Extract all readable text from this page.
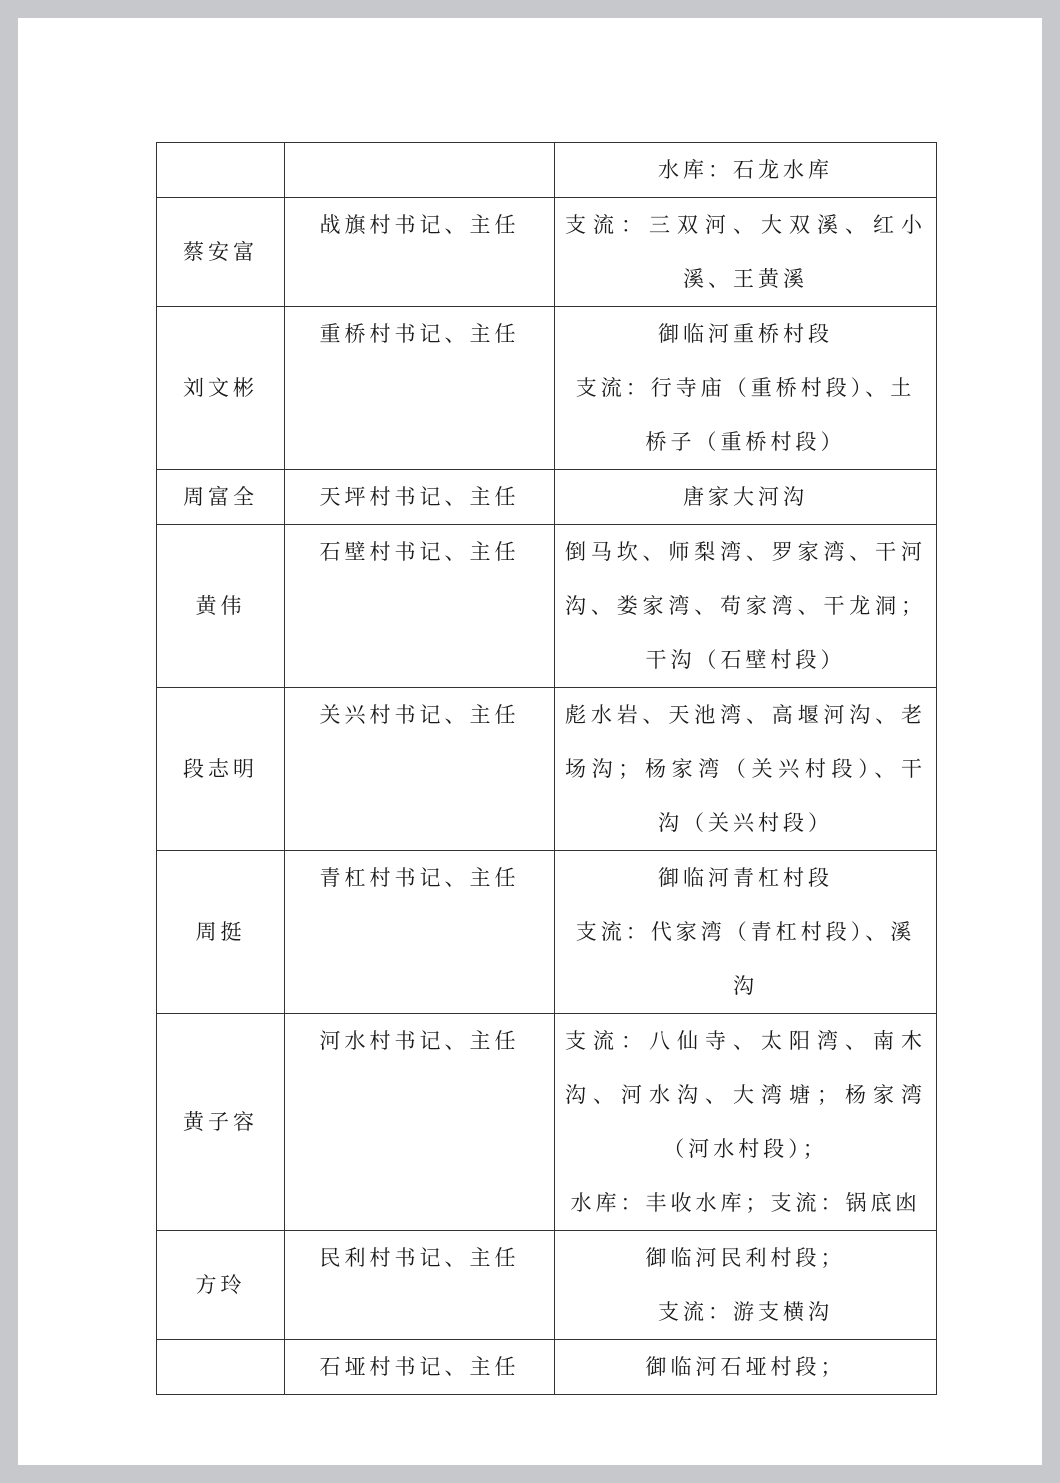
		水库：石龙水库

蔡安富	战旗村书记、主任	支流：三双河、大双溪、红小溪、王黄溪

刘文彬	重桥村书记、主任	御临河重桥村段
支流：行寺庙（重桥村段）、土桥子（重桥村段）

周富全	天坪村书记、主任	唐家大河沟

黄伟	石壁村书记、主任	倒马坎、师梨湾、罗家湾、干河沟、娄家湾、苟家湾、干龙洞；干沟（石壁村段）

段志明	关兴村书记、主任	彪水岩、天池湾、高堰河沟、老场沟；杨家湾（关兴村段）、干沟（关兴村段）

周挺	青杠村书记、主任	御临河青杠村段
支流：代家湾（青杠村段）、溪沟

黄子容	河水村书记、主任	支流：八仙寺、太阳湾、南木沟、河水沟、大湾塘；杨家湾（河水村段）；
水库：丰收水库；支流：锅底凼

方玲	民利村书记、主任	御临河民利村段；
支流：游支横沟

	石垭村书记、主任	御临河石垭村段；
